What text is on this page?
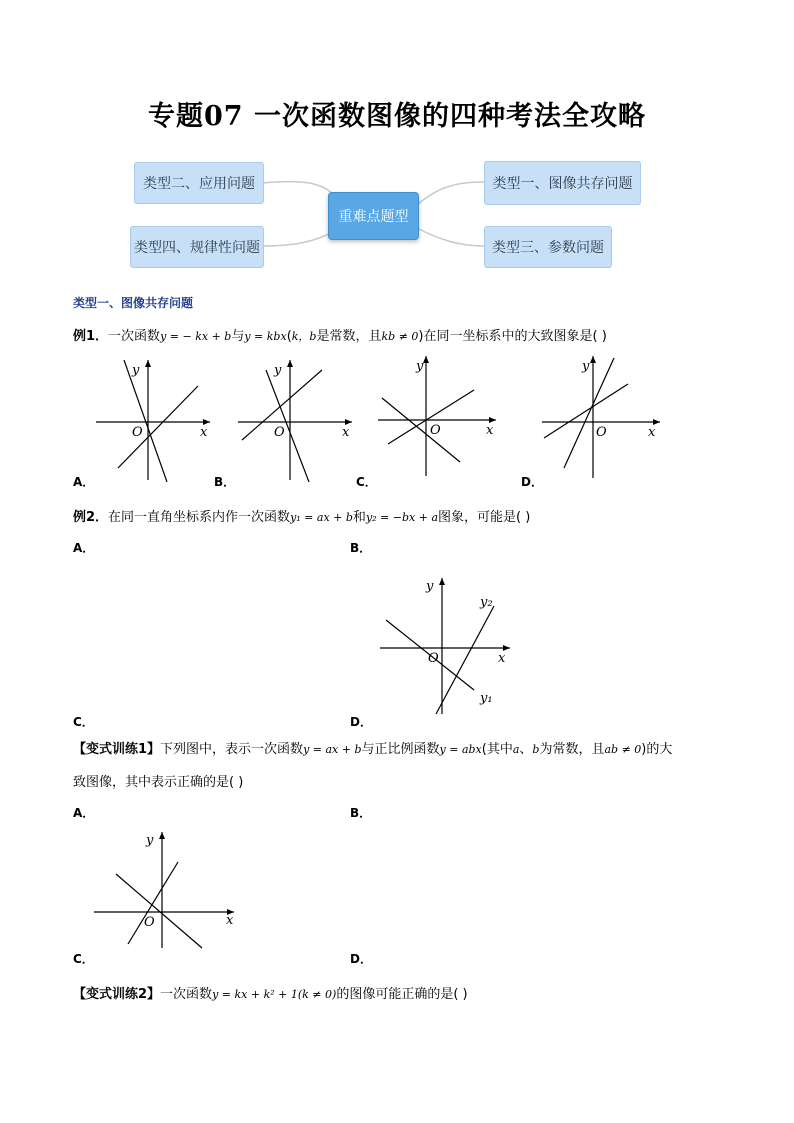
专题07 一次函数图像的四种考法全攻略
类型二、应用问题
类型四、规律性问题
重难点题型
类型一、图像共存问题
类型三、参数问题
类型一、图像共存问题
例1．一次函数y = − kx + b与y = kbx(k，b是常数，且kb ≠ 0)在同一坐标系中的大致图象是( )
y
x
O
y
x
O
y
x
O
y
x
O
A．	B．	C．	D．
例2．在同一直角坐标系内作一次函数y₁ = ax + b和y₂ = −bx + a图象，可能是( )
A．	B．
y
x
O
y₂
y₁
C．	D．
【变式训练1】下列图中，表示一次函数y = ax + b与正比例函数y = abx(其中a、b为常数，且ab ≠ 0)的大
致图像，其中表示正确的是( )
A．	B．
y
x
O
C．	D．
【变式训练2】一次函数y = kx + k² + 1(k ≠ 0)的图像可能正确的是( )
